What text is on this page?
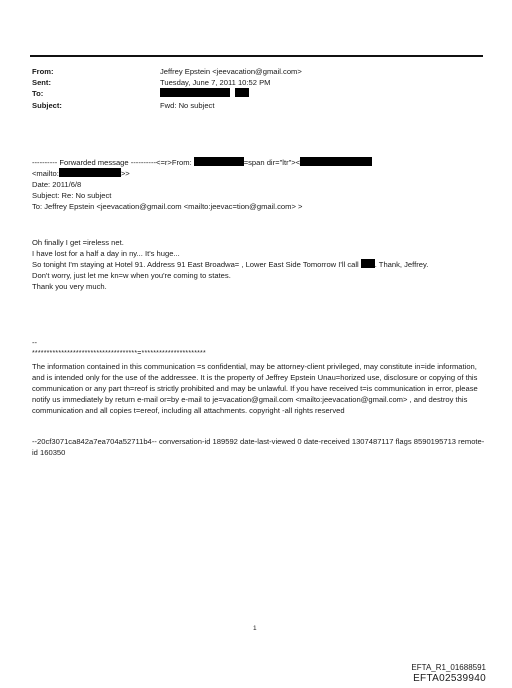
From:	Jeffrey Epstein <jeevacation@gmail.com>
Sent:	Tuesday, June 7, 2011 10:52 PM
To:

Subject:	Fwd: No subject
---------- Forwarded message ----------<=r>From:	=span dir="ltr"><
<mailto:	>>
Date: 2011/6/8
Subject: Re: No subject
To: Jeffrey Epstein <jeevacation@gmail.com <mailto:jeevac=tion@gmail.com> >
Oh finally I get =ireless net.
I have lost for a half a day in ny... It's huge...
So tonight I'm staying at Hotel 91. Address 91 East Broadwa= , Lower East Side Tomorrow I'll call . Thank, Jeffrey.
Don't worry, just let me kn=w when you're coming to states.
Thank you very much.
--
************************************=**********************
The information contained in this communication =s confidential, may be attorney-client privileged, may constitute in=ide information, and is intended only for the use of the addressee. It is the property of Jeffrey Epstein Unau=horized use, disclosure or copying of this communication or any part th=reof is strictly prohibited and may be unlawful. If you have received t=is communication in error, please notify us immediately by return e-mail or=by e-mail to je=vacation@gmail.com <mailto:jeevacation@gmail.com> , and destroy this communication and all copies t=ereof, including all attachments. copyright -all rights reserved
--20cf3071ca842a7ea704a52711b4-- conversation-id 189592 date-last-viewed 0 date-received 1307487117 flags 8590195713 remote-id 160350
1
EFTA_R1_01688591
EFTA02539940
